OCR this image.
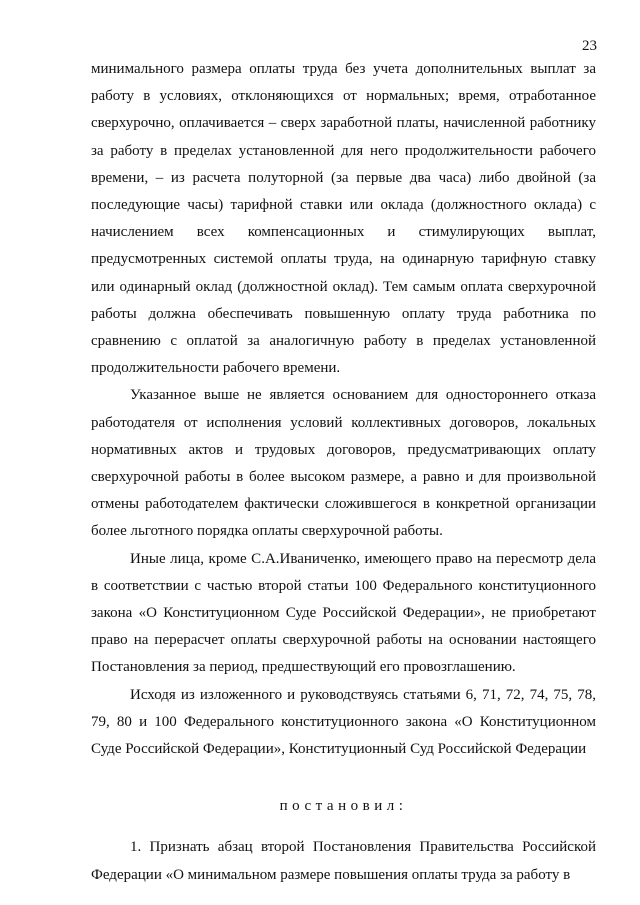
23

минимального размера оплаты труда без учета дополнительных выплат за работу в условиях, отклоняющихся от нормальных; время, отработанное сверхурочно, оплачивается – сверх заработной платы, начисленной работнику за работу в пределах установленной для него продолжительности рабочего времени, – из расчета полуторной (за первые два часа) либо двойной (за последующие часы) тарифной ставки или оклада (должностного оклада) с начислением всех компенсационных и стимулирующих выплат, предусмотренных системой оплаты труда, на одинарную тарифную ставку или одинарный оклад (должностной оклад). Тем самым оплата сверхурочной работы должна обеспечивать повышенную оплату труда работника по сравнению с оплатой за аналогичную работу в пределах установленной продолжительности рабочего времени.

Указанное выше не является основанием для одностороннего отказа работодателя от исполнения условий коллективных договоров, локальных нормативных актов и трудовых договоров, предусматривающих оплату сверхурочной работы в более высоком размере, а равно и для произвольной отмены работодателем фактически сложившегося в конкретной организации более льготного порядка оплаты сверхурочной работы.

Иные лица, кроме С.А.Иваниченко, имеющего право на пересмотр дела в соответствии с частью второй статьи 100 Федерального конституционного закона «О Конституционном Суде Российской Федерации», не приобретают право на перерасчет оплаты сверхурочной работы на основании настоящего Постановления за период, предшествующий его провозглашению.

Исходя из изложенного и руководствуясь статьями 6, 71, 72, 74, 75, 78, 79, 80 и 100 Федерального конституционного закона «О Конституционном Суде Российской Федерации», Конституционный Суд Российской Федерации

постановил:

1. Признать абзац второй Постановления Правительства Российской Федерации «О минимальном размере повышения оплаты труда за работу в
